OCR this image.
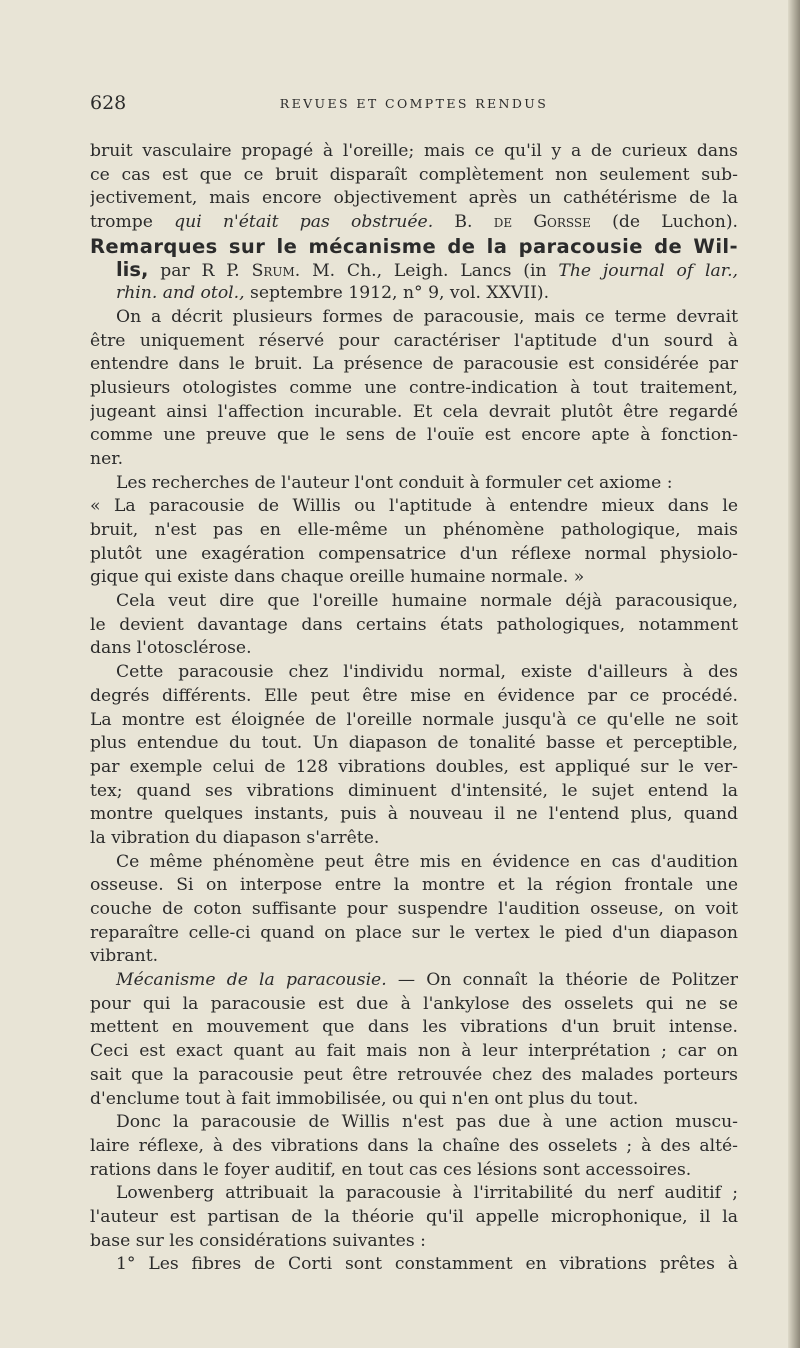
628	REVUES ET COMPTES RENDUS
bruit vasculaire propagé à l'oreille; mais ce qu'il y a de curieux dans
ce cas est que ce bruit disparaît complètement non seulement sub-
jectivement, mais encore objectivement après un cathétérisme de la
trompe qui n'était pas obstruée. B. de Gorsse (de Luchon).
Remarques sur le mécanisme de la paracousie de Wil-
lis, par R P. Srum. M. Ch., Leigh. Lancs (in The journal of lar.,
rhin. and otol., septembre 1912, n° 9, vol. XXVII).
On a décrit plusieurs formes de paracousie, mais ce terme devrait
être uniquement réservé pour caractériser l'aptitude d'un sourd à
entendre dans le bruit. La présence de paracousie est considérée par
plusieurs otologistes comme une contre-indication à tout traitement,
jugeant ainsi l'affection incurable. Et cela devrait plutôt être regardé
comme une preuve que le sens de l'ouïe est encore apte à fonction-
ner.
Les recherches de l'auteur l'ont conduit à formuler cet axiome :
« La paracousie de Willis ou l'aptitude à entendre mieux dans le
bruit, n'est pas en elle-même un phénomène pathologique, mais
plutôt une exagération compensatrice d'un réflexe normal physiolo-
gique qui existe dans chaque oreille humaine normale. »
Cela veut dire que l'oreille humaine normale déjà paracousique,
le devient davantage dans certains états pathologiques, notamment
dans l'otosclérose.
Cette paracousie chez l'individu normal, existe d'ailleurs à des
degrés différents. Elle peut être mise en évidence par ce procédé.
La montre est éloignée de l'oreille normale jusqu'à ce qu'elle ne soit
plus entendue du tout. Un diapason de tonalité basse et perceptible,
par exemple celui de 128 vibrations doubles, est appliqué sur le ver-
tex; quand ses vibrations diminuent d'intensité, le sujet entend la
montre quelques instants, puis à nouveau il ne l'entend plus, quand
la vibration du diapason s'arrête.
Ce même phénomène peut être mis en évidence en cas d'audition
osseuse. Si on interpose entre la montre et la région frontale une
couche de coton suffisante pour suspendre l'audition osseuse, on voit
reparaître celle-ci quand on place sur le vertex le pied d'un diapason
vibrant.
Mécanisme de la paracousie. — On connaît la théorie de Politzer
pour qui la paracousie est due à l'ankylose des osselets qui ne se
mettent en mouvement que dans les vibrations d'un bruit intense.
Ceci est exact quant au fait mais non à leur interprétation ; car on
sait que la paracousie peut être retrouvée chez des malades porteurs
d'enclume tout à fait immobilisée, ou qui n'en ont plus du tout.
Donc la paracousie de Willis n'est pas due à une action muscu-
laire réflexe, à des vibrations dans la chaîne des osselets ; à des alté-
rations dans le foyer auditif, en tout cas ces lésions sont accessoires.
Lowenberg attribuait la paracousie à l'irritabilité du nerf auditif ;
l'auteur est partisan de la théorie qu'il appelle microphonique, il la
base sur les considérations suivantes :
1° Les fibres de Corti sont constamment en vibrations prêtes à
